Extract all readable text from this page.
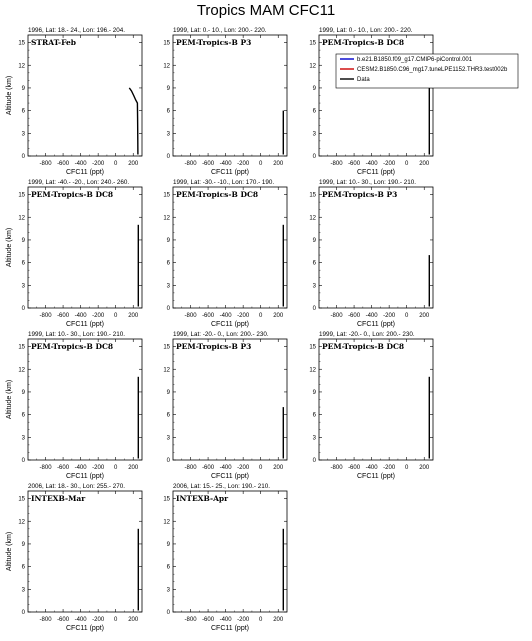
Tropics MAM CFC11
1996, Lat: 18.- 24., Lon: 196.- 204.
-800 -600 -400 -200 0 200
0
3
6
9
12
15
CFC11 (ppt)
Altitude (km)
STRAT-Feb
1999, Lat: 0.- 10., Lon: 200.- 220.
-800 -600 -400 -200 0 200
0
3
6
9
12
15
CFC11 (ppt)
PEM-Tropics-B P3
1999, Lat: 0.- 10., Lon: 200.- 220.
-800 -600 -400 -200 0 200
0
3
6
9
12
15
CFC11 (ppt)
PEM-Tropics-B DC8
b.e21.B1850.f09_g17.CMIP6-piControl.001
CESM2.B1850.C96_mg17.tuneLPE1152.THR3.test002b
Data
1999, Lat: -40.- -20., Lon: 240.- 260.
-800 -600 -400 -200 0 200
0
3
6
9
12
15
CFC11 (ppt)
Altitude (km)
PEM-Tropics-B DC8
1999, Lat: -30.- -10., Lon: 170.- 190.
-800 -600 -400 -200 0 200
0
3
6
9
12
15
CFC11 (ppt)
PEM-Tropics-B DC8
1999, Lat: 10.- 30., Lon: 190.- 210.
-800 -600 -400 -200 0 200
0
3
6
9
12
15
CFC11 (ppt)
PEM-Tropics-B P3
1999, Lat: 10.- 30., Lon: 190.- 210.
-800 -600 -400 -200 0 200
0
3
6
9
12
15
CFC11 (ppt)
Altitude (km)
PEM-Tropics-B DC8
1999, Lat: -20.- 0., Lon: 200.- 230.
-800 -600 -400 -200 0 200
0
3
6
9
12
15
CFC11 (ppt)
PEM-Tropics-B P3
1999, Lat: -20.- 0., Lon: 200.- 230.
-800 -600 -400 -200 0 200
0
3
6
9
12
15
CFC11 (ppt)
PEM-Tropics-B DC8
2006, Lat: 18.- 30., Lon: 255.- 270.
-800 -600 -400 -200 0 200
0
3
6
9
12
15
CFC11 (ppt)
Altitude (km)
INTEXB-Mar
2006, Lat: 15.- 25., Lon: 190.- 210.
-800 -600 -400 -200 0 200
0
3
6
9
12
15
CFC11 (ppt)
INTEXB-Apr
